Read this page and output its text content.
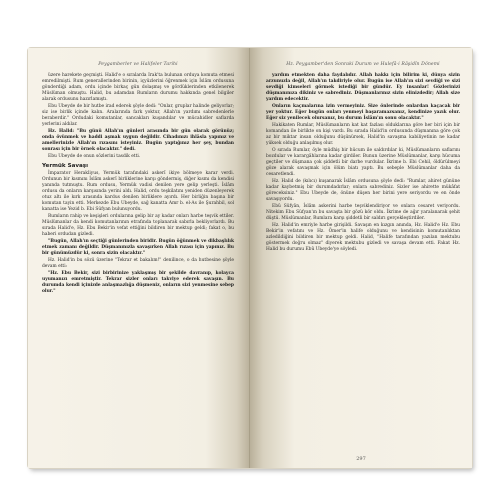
Peygamberler ve Halifeler Tarihi

üzere harekete geçmişti. Halid'e o sıralarda Irak'ta bulunan orduya komuta etmesi emredilmişti. Rum generallerinden birinin, içyüzlerini öğrenmek için İslâm ordusuna gönderdiği adam, ordu içinde birkaç gün dolaşmış ve gördüklerinden etkilenerek Müslüman olmuştu. Halid, bu adamdan Rumların durumu hakkında genel bilgiler alarak ordusunu hazırlamıştı.

Ebu Ubeyde de bir hutbe irad ederek şöyle dedi: "Onlar, gruplar halinde geliyorlar; siz ise birlik içinde kalın. Aralarında fark yoktur, Allah'ın yardımı sabredenlerle beraberdir." Ordudaki komutanlar, sancakları kuşandılar ve mücahidler saflarda yerlerini aldılar.

Hz. Halid: "Bu günü Allah'ın günleri arasında bir gün olarak görünüz; onda övünmek ve haddi aşmak uygun değildir. Cihadınızı ihlâsla yapınız ve amellerinizle Allah'ın rızasını isteyiniz. Bugün yaptığınız her şey, bundan sonrası için bir örnek olacaktır." dedi.

Ebu Ubeyde de onun sözlerini tasdik etti.

Yermük Savaşı

İmparator Herakliyus, Yermük tarafındaki askerî ikiye bölmeye karar verdi. Ordunun bir kısmını İslâm askerî birliklerine karşı göndermiş, diğer kısmı da kendisi yanında tutmuştu. Rum ordusu, Yermük vadisi denilen yere gelip yerleşti. İslâm ordusu da onların karşısında yerini aldı. Halid, ordu teşkilatını yeniden düzenleyerek otuz altı ile kırk arasında kardus denilen birliklere ayırdı. Her birliğin başına bir komutan tayin etti. Merkezde Ebu Ubeyde, sağ kanatta Amr b. el-As ile Şurahbil, sol kanatta ise Yezid b. Ebi Süfyan bulunuyordu.

Rumların rahip ve keşişleri ordularına gelip bir ay kadar onları harbe teşvik ettiler. Müslümanlar da kendi komutanlarının etrafında toplanarak sabırla bekliyorlardı. Bu sırada Halid'e, Hz. Ebu Bekir'in vefat ettiğini bildiren bir mektup geldi; fakat o, bu haberi ordudan gizledi.

"Bugün, Allah'ın seçtiği günlerinden biridir. Bugün öğünmek ve dikbaşlılık etmek zamanı değildir. Düşmanınızla savaşırken Allah rızası için yapınız. Bu bir günümüzdür ki, sonra sizin olacaktır."

Hz. Halid'in bu sözü üzerine "Tekrar et bakalım!" denilince, o da hutbesine şöyle devam etti:

"Hz. Ebu Bekir, sizi birbirinize yaklaşmış bir şekilde davranıp, kolayca uyumanızı emretmiştir. Tekrar sizler onları takviye ederek savaşın. Bu durumda kendi içinizde anlaşmazlığa düşmeniz, onların sizi yenmesine sebep olur."

Hz. Peygamber'den Sonraki Durum ve Hulefâ-i Râşidîn Dönemi

yardım etmekten daha faydalıdır. Allah hakkı için bilirim ki, dünya sizin arzunuzla değil, Allah'ın takdiriyle olur. Bugün ise Allah'ın sizi sevdiği ve sizi sevdiği kimseleri görmek istediği bir gündür. Ey insanlar! Gözlerinizi düşmanınıza dikiniz ve sabrediniz. Düşmanlarınız sizin elinizdedir; Allah size yardım edecektir.

Onların kaçmalarına izin vermeyiniz. Size önlerinde onlardan kaçacak bir yer yoktur. Eğer bugün onları yenmeyi başaramazsanız, kendinize yazık olur. Eğer siz yenilecek olursanız, bu durum İslâm'ın sonu olacaktır."

Hakikaten Rumlar, Müslümanların kat kat fazlası olduklarına göre her biri için bir komandan ile birlikte on kişi vardı. Bu sırada Halid'in ordusunda düşmanına göre çok az bir miktar insan olduğunu düşünürsek, Halid'in savaşma kabiliyetinin ne kadar yüksek olduğu anlaşılmış olur.

O sırada Rumlar, öyle müdhiş bir hücum ile saldırdılar ki, Müslümanların saflarını bozdular ve karargâhlarına kadar girdiler. Bunun üzerine Müslümanlar, karşı hücuma geçtiler ve düşmana çok şiddetli bir darbe vurdular. İkrime b. Ebi Cehil, öldürülmeyi göze alarak savaşmak için ölüm biatı yaptı. Bu sebeple Müslümanlar daha da cesaretlendi.

Hz. Halid de (kılıcı) kuşanarak İslâm ordusuna şöyle dedi: "Rumlar, ahiret gününe kadar kaybetmiş bir durumdadırlar; onlara sabrediniz. Sizler ise ahirette mükâfat göreceksiniz." Ebu Ubeyde de, önüne düşen her birini yere seriyordu ve en önde savaşıyordu.

Ebû Süfyân, İslâm askerini harbe teşviklendiriyor ve onlara cesaret veriyordu. Nitekim Ebu Süfyan'ın bu savaşta bir gözü kör oldu. İkrime de ağır yaralanarak şehit düştü. Müslümanlar, Rumlara karşı şiddetli bir saldırı gerçekleştirdiler.

Hz. Halid'in emriyle harbe girişildi. Savaşın en kızgın anında, Hz. Halid'e Hz. Ebu Bekir'in vefatını ve Hz. Ömer'in halife olduğunu ve kendisinin komutanlıktan azledildiğini bildiren bir mektup geldi. Halid, "Halife tarafından yazılan mektubu göstermek doğru olmaz" diyerek mektubu gizledi ve savaşa devam etti. Fakat Hz. Halid bu durumu Ebû Ubeyde'ye söyledi.

297
